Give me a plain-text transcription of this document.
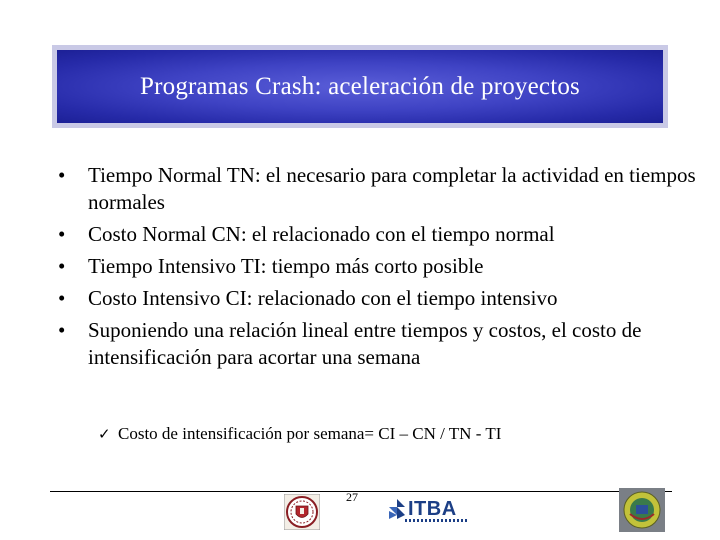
Programas Crash: aceleración de proyectos
•	Tiempo Normal TN: el necesario para completar la actividad en tiempos normales
•	Costo Normal CN: el relacionado con el tiempo normal
•	Tiempo Intensivo TI: tiempo más corto posible
•	Costo Intensivo CI: relacionado con el tiempo intensivo
•	Suponiendo una relación lineal entre tiempos y costos, el costo de intensificación para acortar una semana
✓ Costo de intensificación por semana= CI – CN / TN - TI
27
ITBA
